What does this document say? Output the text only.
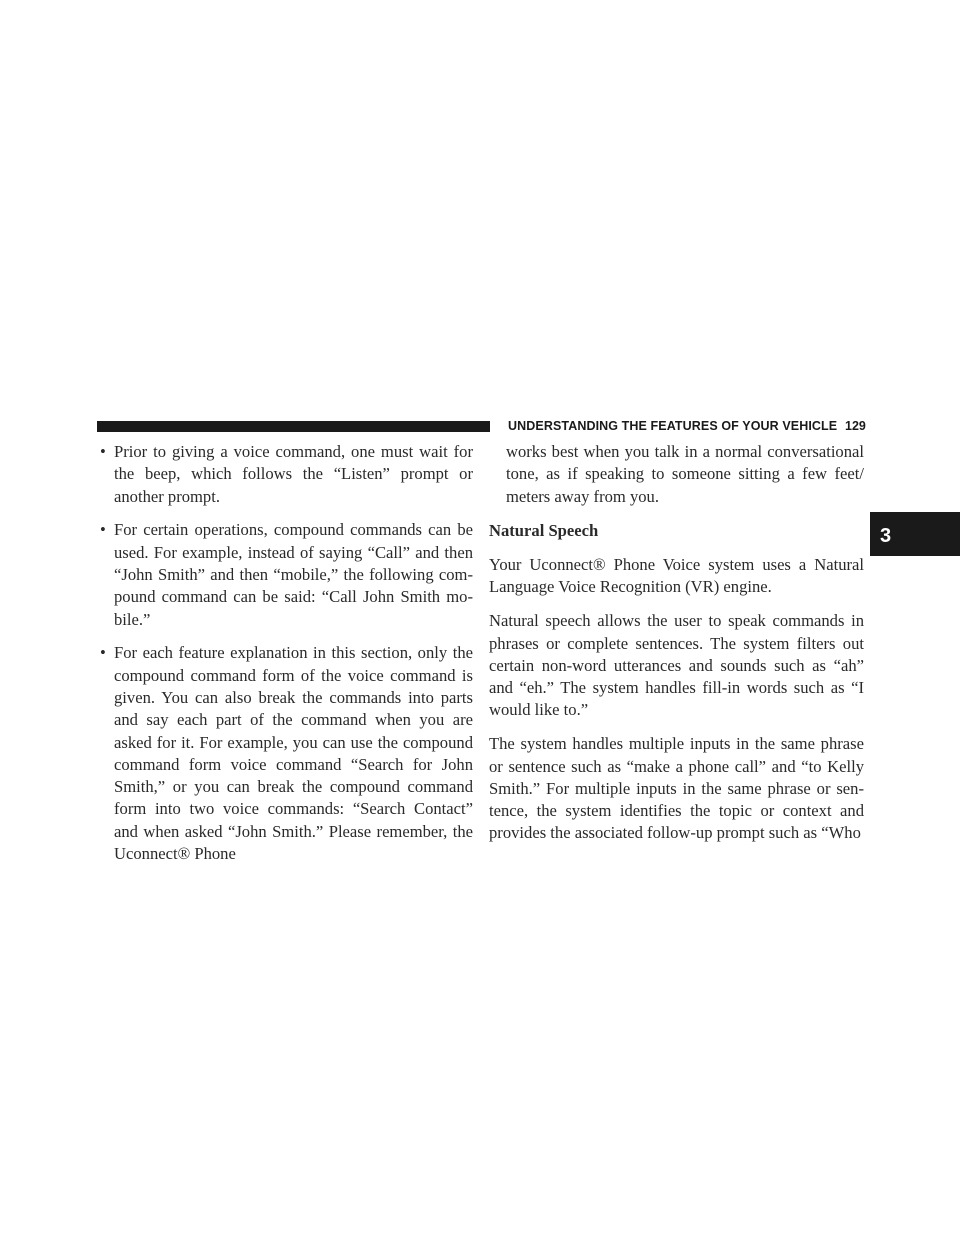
UNDERSTANDING THE FEATURES OF YOUR VEHICLE 129
3
• Prior to giving a voice command, one must wait for the beep, which follows the “Listen” prompt or another prompt.
• For certain operations, compound commands can be used. For example, instead of saying “Call” and then “John Smith” and then “mobile,” the following com- pound command can be said: “Call John Smith mo- bile.”
• For each feature explanation in this section, only the compound command form of the voice command is given. You can also break the commands into parts and say each part of the command when you are asked for it. For example, you can use the compound command form voice command “Search for John Smith,” or you can break the compound command form into two voice commands: “Search Contact” and when asked “John Smith.” Please remember, the Uconnect® Phone
works best when you talk in a normal conversational tone, as if speaking to someone sitting a few feet/ meters away from you.
Natural Speech
Your Uconnect® Phone Voice system uses a Natural Language Voice Recognition (VR) engine.
Natural speech allows the user to speak commands in phrases or complete sentences. The system filters out certain non-word utterances and sounds such as “ah” and “eh.” The system handles fill-in words such as “I would like to.”
The system handles multiple inputs in the same phrase or sentence such as “make a phone call” and “to Kelly Smith.” For multiple inputs in the same phrase or sen- tence, the system identifies the topic or context and provides the associated follow-up prompt such as “Who
